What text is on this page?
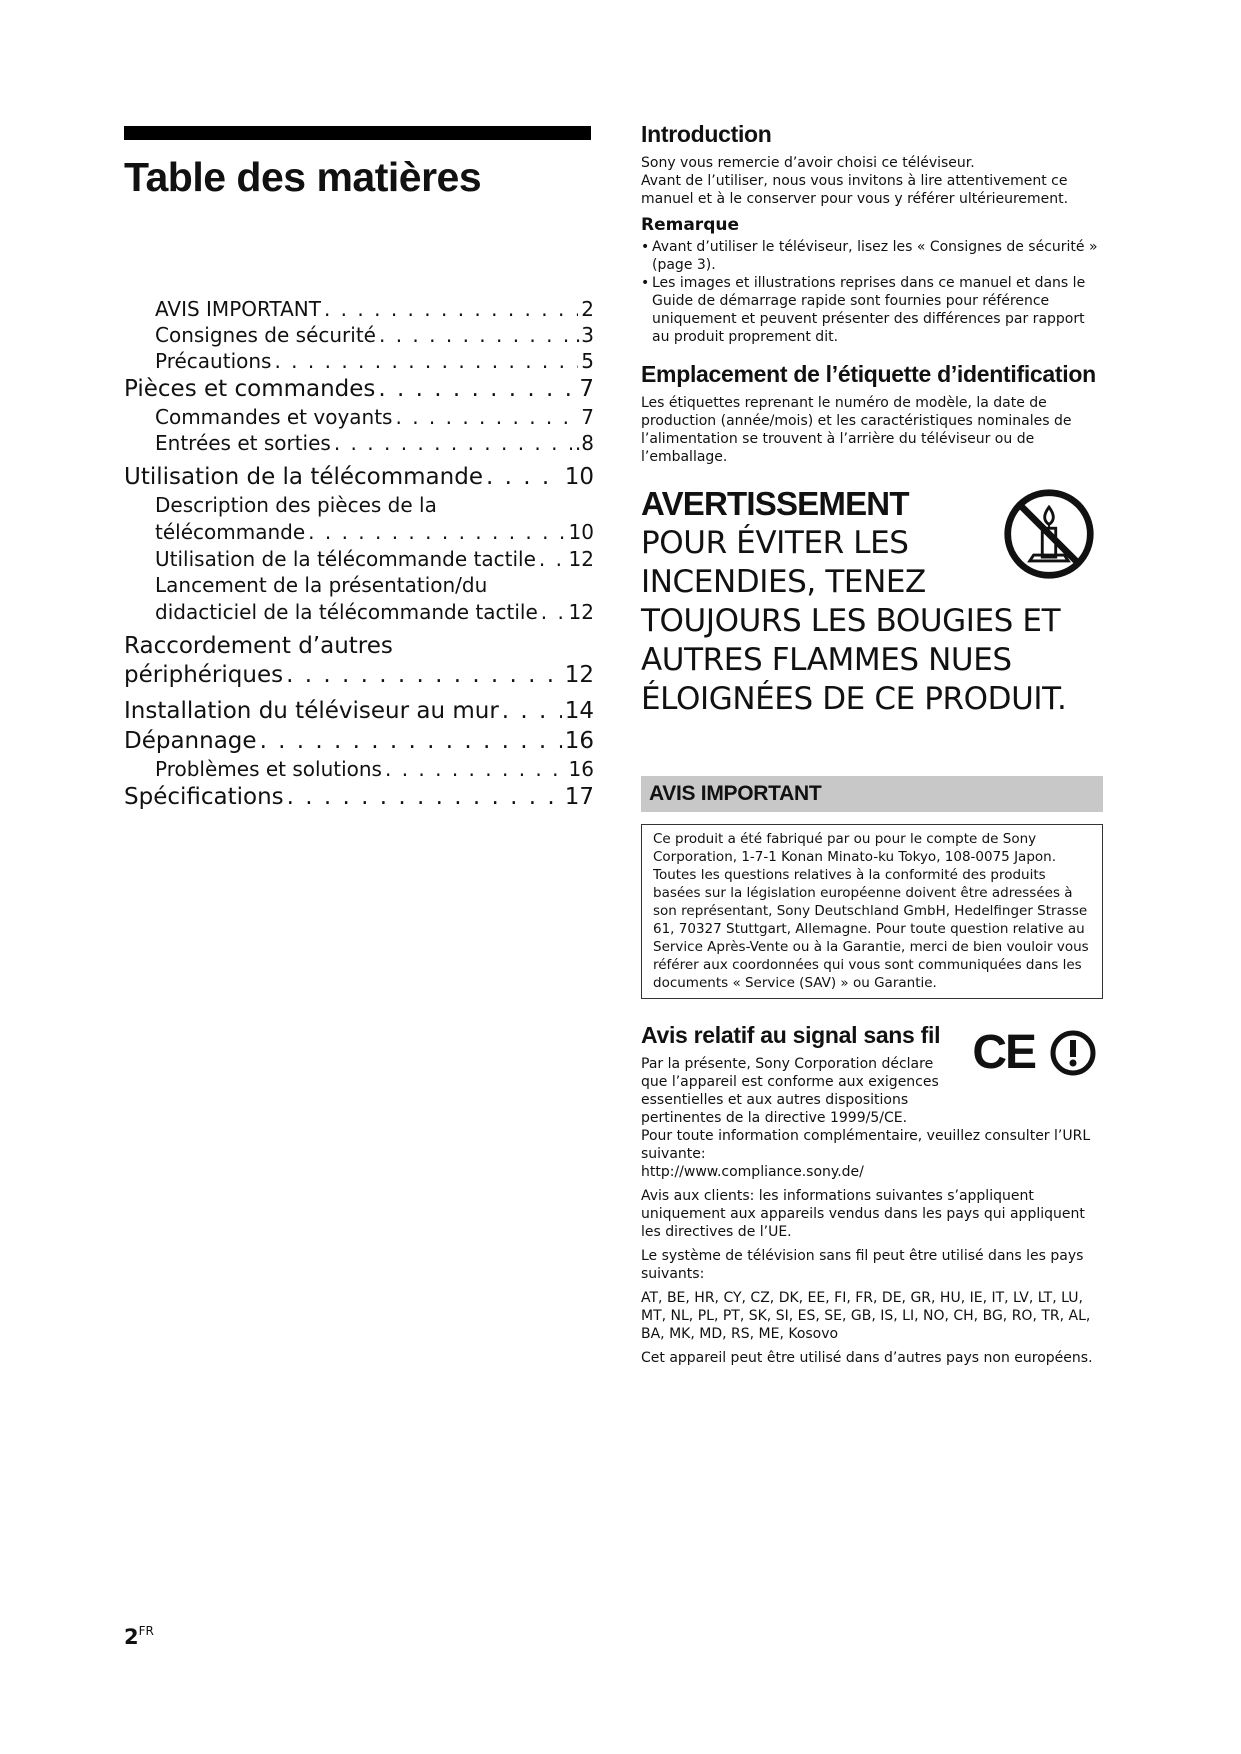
Table des matières
AVIS IMPORTANT . . .	2
Consignes de sécurité . . .	.3
Précautions . . .	5
Pièces et commandes . . .	7
Commandes et voyants . . .	7
Entrées et sorties . . .	.8
Utilisation de la télécommande . . .	10
Description des pièces de la
télécommande . . .	10
Utilisation de la télécommande tactile . . . 12
Lancement de la présentation/du
didacticiel de la télécommande tactile . . . 12
Raccordement d’autres
périphériques . . .	12
Installation du téléviseur au mur . . .	14
Dépannage . . .	16
Problèmes et solutions . . .	16
Spécifications . . .	17
$2^{FR}$
Introduction

Sony vous remercie d’avoir choisi ce téléviseur.

Avant de l’utiliser, nous vous invitons à lire attentivement ce manuel et à le conserver pour vous y référer ultérieurement.

Remarque
• Avant d’utiliser le téléviseur, lisez les « Consignes de sécurité » (page 3).
• Les images et illustrations reprises dans ce manuel et dans le Guide de démarrage rapide sont fournies pour référence uniquement et peuvent présenter des différences par rapport au produit proprement dit.
Emplacement de l’étiquette d’identification

Les étiquettes reprenant le numéro de modèle, la date de production (année/mois) et les caractéristiques nominales de l’alimentation se trouvent à l’arrière du téléviseur ou de l’emballage.

AVERTISSEMENT
POUR ÉVITER LES
INCENDIES, TENEZ
TOUJOURS LES BOUGIES ET
AUTRES FLAMMES NUES
ÉLOIGNÉES DE CE PRODUIT.
AVIS IMPORTANT
Ce produit a été fabriqué par ou pour le compte de Sony Corporation, 1-7-1 Konan Minato-ku Tokyo, 108-0075 Japon. Toutes les questions relatives à la conformité des produits basées sur la législation européenne doivent être adressées à son représentant, Sony Deutschland GmbH, Hedelfinger Strasse 61, 70327 Stuttgart, Allemagne. Pour toute question relative au Service Après-Vente ou à la Garantie, merci de bien vouloir vous référer aux coordonnées qui vous sont communiquées dans les documents « Service (SAV) » ou Garantie.
Avis relatif au signal sans fil CE

Par la présente, Sony Corporation déclare que l’appareil est conforme aux exigences essentielles et aux autres dispositions pertinentes de la directive 1999/5/CE.

Pour toute information complémentaire, veuillez consulter l’URL suivante:

http://www.compliance.sony.de/

Avis aux clients: les informations suivantes s’appliquent uniquement aux appareils vendus dans les pays qui appliquent les directives de l’UE.

Le système de télévision sans fil peut être utilisé dans les pays suivants:

AT, BE, HR, CY, CZ, DK, EE, FI, FR, DE, GR, HU, IE, IT, LV, LT, LU, MT, NL, PL, PT, SK, SI, ES, SE, GB, IS, LI, NO, CH, BG, RO, TR, AL, BA, MK, MD, RS, ME, Kosovo

Cet appareil peut être utilisé dans d’autres pays non européens.
